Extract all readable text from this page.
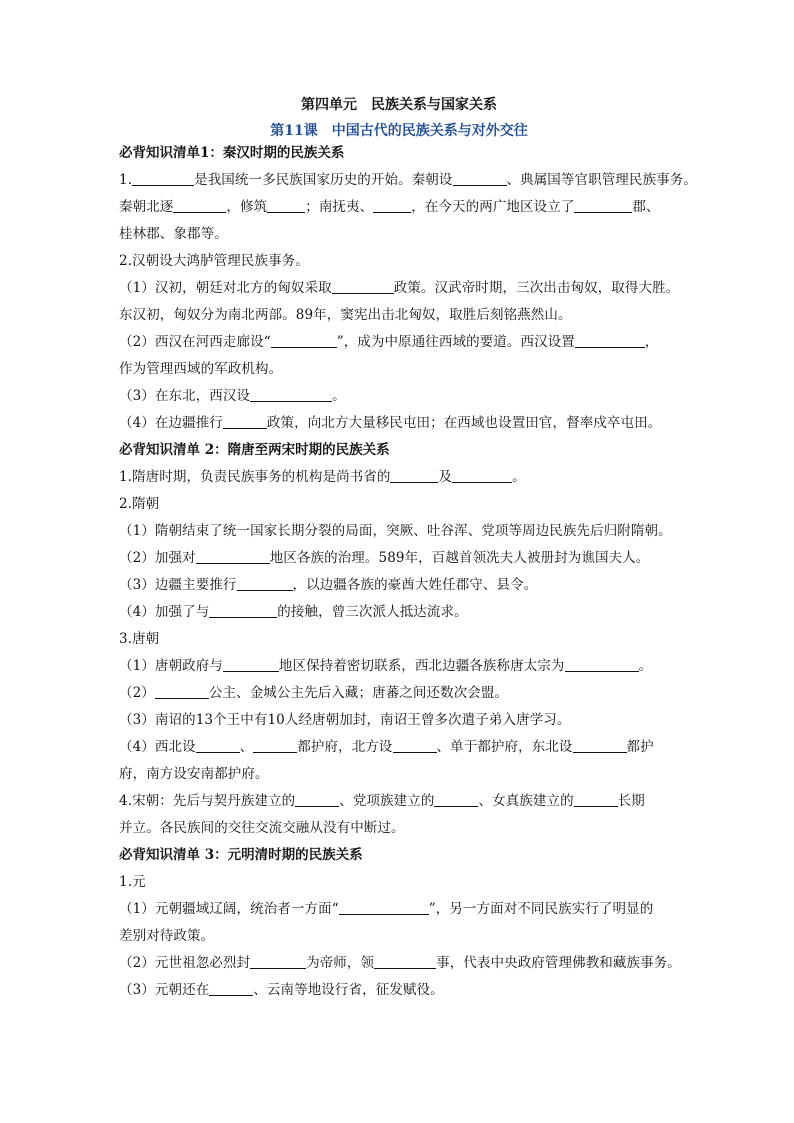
第四单元　民族关系与国家关系

第11课　中国古代的民族关系与对外交往

必背知识清单1：秦汉时期的民族关系

1.	是我国统一多民族国家历史的开始。秦朝设	、典属国等官职管理民族事务。

秦朝北逐	，修筑	；南抚夷、	，在今天的两广地区设立了	郡、

桂林郡、象郡等。

2.汉朝设大鸿胪管理民族事务。

（1）汉初，朝廷对北方的匈奴采取	政策。汉武帝时期，三次出击匈奴，取得大胜。

东汉初，匈奴分为南北两部。89年，窦宪出击北匈奴，取胜后刻铭燕然山。

（2）西汉在河西走廊设“	”，成为中原通往西域的要道。西汉设置	，

作为管理西域的军政机构。

（3）在东北，西汉设	。

（4）在边疆推行	政策，向北方大量移民屯田；在西域也设置田官，督率戍卒屯田。

必背知识清单 2：隋唐至两宋时期的民族关系

1.隋唐时期，负责民族事务的机构是尚书省的	及	。

2.隋朝

（1）隋朝结束了统一国家长期分裂的局面，突厥、吐谷浑、党项等周边民族先后归附隋朝。

（2）加强对	地区各族的治理。589年，百越首领冼夫人被册封为谯国夫人。

（3）边疆主要推行	，以边疆各族的豪酋大姓任郡守、县令。

（4）加强了与	的接触，曾三次派人抵达流求。

3.唐朝

（1）唐朝政府与	地区保持着密切联系，西北边疆各族称唐太宗为	。

（2）	公主、金城公主先后入藏；唐蕃之间还数次会盟。

（3）南诏的13个王中有10人经唐朝加封，南诏王曾多次遣子弟入唐学习。

（4）西北设	、	都护府，北方设	、单于都护府，东北设	都护

府，南方设安南都护府。

4.宋朝：先后与契丹族建立的	、党项族建立的	、女真族建立的	长期

并立。各民族间的交往交流交融从没有中断过。

必背知识清单 3：元明清时期的民族关系

1.元

（1）元朝疆域辽阔，统治者一方面“	”，另一方面对不同民族实行了明显的

差别对待政策。

（2）元世祖忽必烈封	为帝师，领	事，代表中央政府管理佛教和藏族事务。

（3）元朝还在	、云南等地设行省，征发赋役。
